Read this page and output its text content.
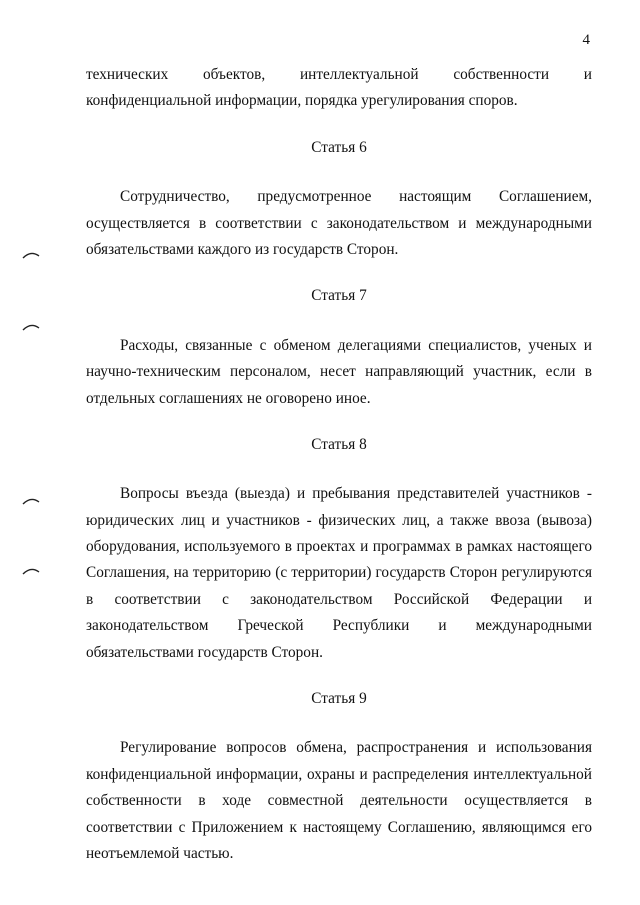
4
технических объектов, интеллектуальной собственности и
конфиденциальной информации, порядка урегулирования споров.
Статья 6
Сотрудничество, предусмотренное настоящим Соглашением,
осуществляется в соответствии с законодательством и международными
обязательствами каждого из государств Сторон.
Статья 7
Расходы, связанные с обменом делегациями специалистов, ученых и
научно-техническим персоналом, несет направляющий участник, если в
отдельных соглашениях не оговорено иное.
Статья 8
Вопросы въезда (выезда) и пребывания представителей участников -
юридических лиц и участников - физических лиц, а также ввоза (вывоза)
оборудования, используемого в проектах и программах в рамках настоящего
Соглашения, на территорию (с территории) государств Сторон регулируются
в соответствии с законодательством Российской Федерации и
законодательством Греческой Республики и международными
обязательствами государств Сторон.
Статья 9
Регулирование вопросов обмена, распространения и использования
конфиденциальной информации, охраны и распределения интеллектуальной
собственности в ходе совместной деятельности осуществляется в
соответствии с Приложением к настоящему Соглашению, являющимся его
неотъемлемой частью.
